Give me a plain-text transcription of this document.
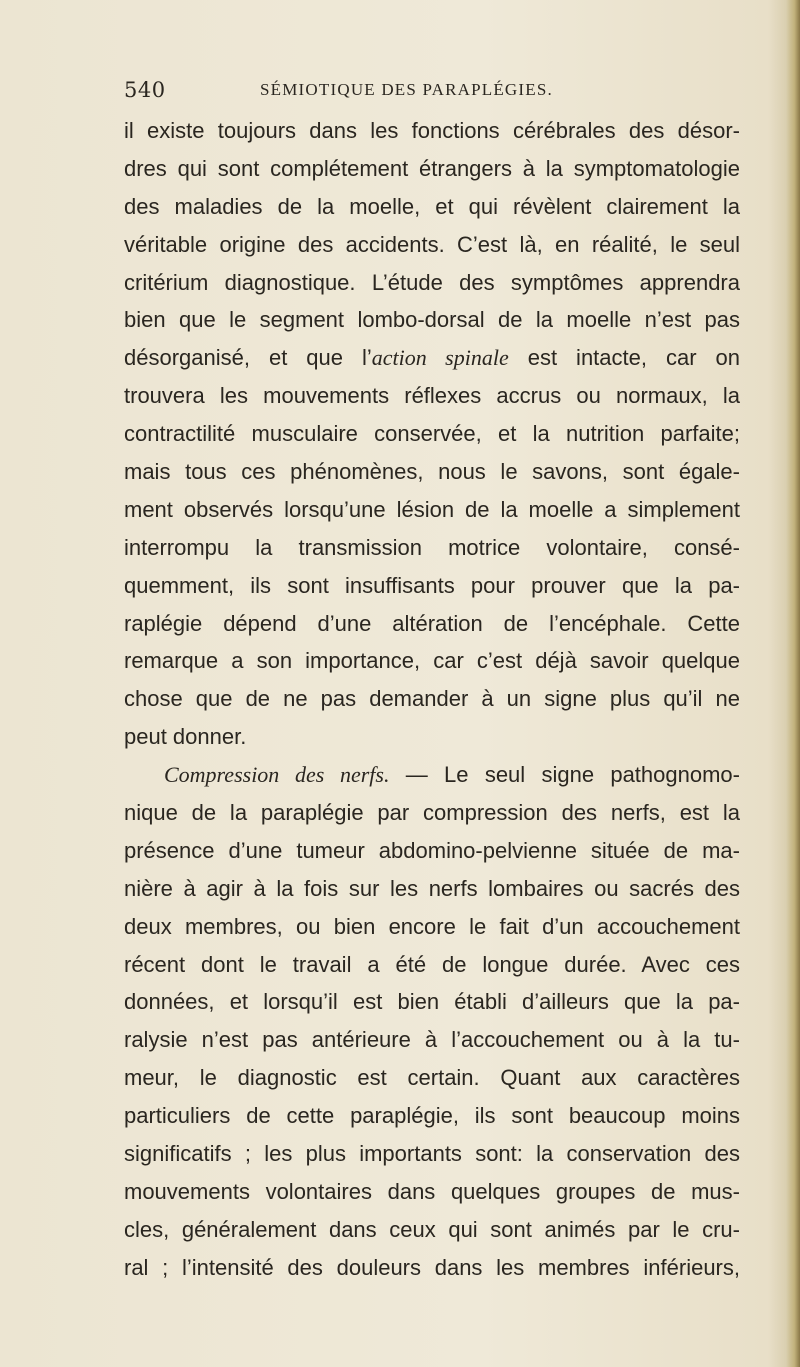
540	SÉMIOTIQUE DES PARAPLÉGIES.
il existe toujours dans les fonctions cérébrales des désor-
dres qui sont complétement étrangers à la symptomatologie
des maladies de la moelle, et qui révèlent clairement la
véritable origine des accidents. C’est là, en réalité, le seul
critérium diagnostique. L’étude des symptômes apprendra
bien que le segment lombo-dorsal de la moelle n’est pas
désorganisé, et que l’action spinale est intacte, car on
trouvera les mouvements réflexes accrus ou normaux, la
contractilité musculaire conservée, et la nutrition parfaite;
mais tous ces phénomènes, nous le savons, sont égale-
ment observés lorsqu’une lésion de la moelle a simplement
interrompu la transmission motrice volontaire, consé-
quemment, ils sont insuffisants pour prouver que la pa-
raplégie dépend d’une altération de l’encéphale. Cette
remarque a son importance, car c’est déjà savoir quelque
chose que de ne pas demander à un signe plus qu’il ne
peut donner.
Compression des nerfs. — Le seul signe pathognomo-
nique de la paraplégie par compression des nerfs, est la
présence d’une tumeur abdomino-pelvienne située de ma-
nière à agir à la fois sur les nerfs lombaires ou sacrés des
deux membres, ou bien encore le fait d’un accouchement
récent dont le travail a été de longue durée. Avec ces
données, et lorsqu’il est bien établi d’ailleurs que la pa-
ralysie n’est pas antérieure à l’accouchement ou à la tu-
meur, le diagnostic est certain. Quant aux caractères
particuliers de cette paraplégie, ils sont beaucoup moins
significatifs ; les plus importants sont: la conservation des
mouvements volontaires dans quelques groupes de mus-
cles, généralement dans ceux qui sont animés par le cru-
ral ; l’intensité des douleurs dans les membres inférieurs,
